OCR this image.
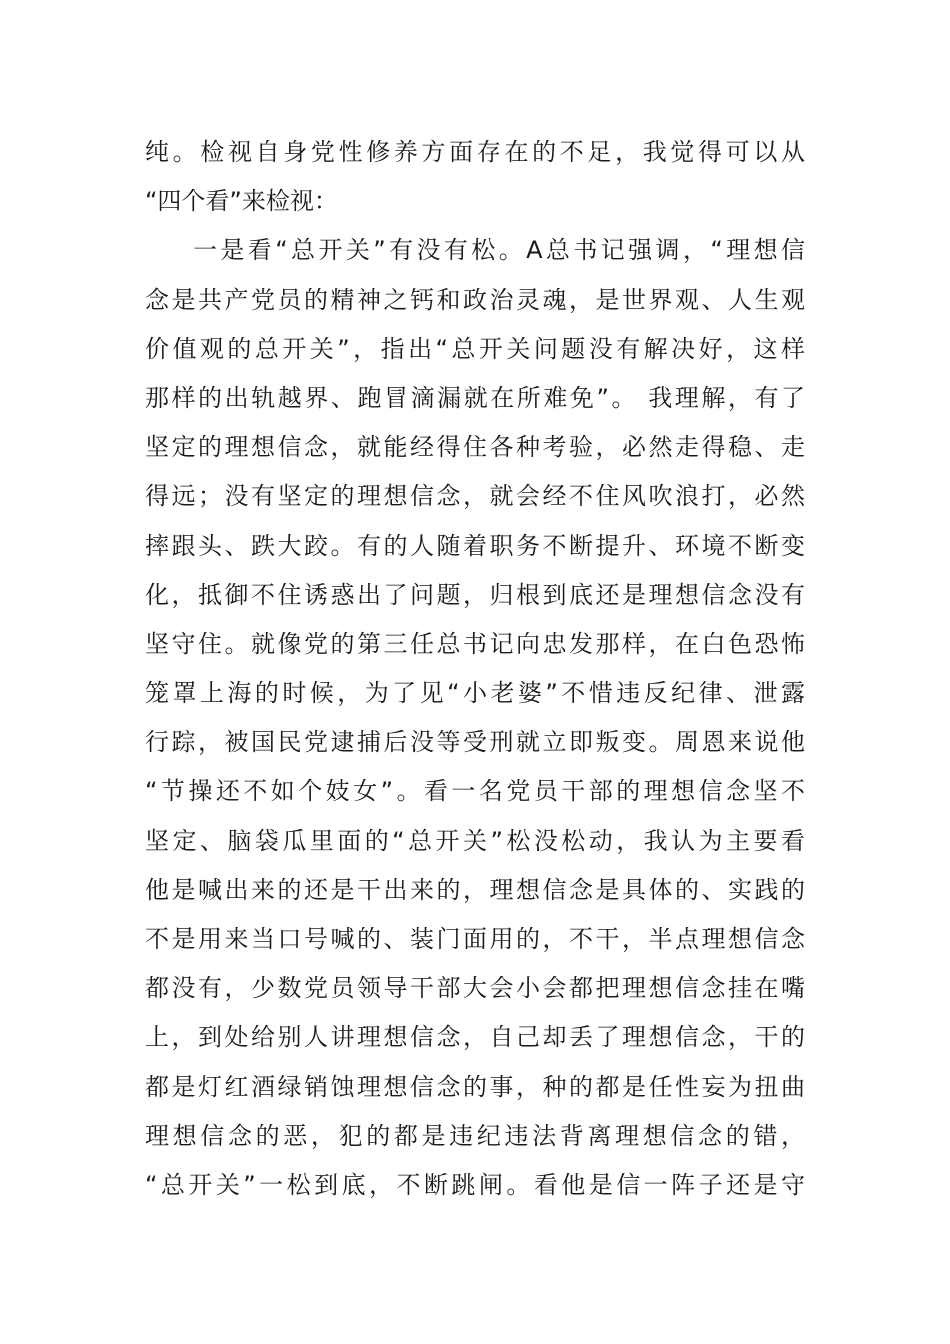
纯。检视自身党性修养方面存在的不足，我觉得可以从
“四个看”来检视：
一是看“总开关”有没有松。A总书记强调，“理想信
念是共产党员的精神之钙和政治灵魂，是世界观、人生观
价值观的总开关”，指出“总开关问题没有解决好，这样
那样的出轨越界、跑冒滴漏就在所难免”。 我理解，有了
坚定的理想信念，就能经得住各种考验，必然走得稳、走
得远；没有坚定的理想信念，就会经不住风吹浪打，必然
摔跟头、跌大跤。有的人随着职务不断提升、环境不断变
化，抵御不住诱惑出了问题，归根到底还是理想信念没有
坚守住。就像党的第三任总书记向忠发那样，在白色恐怖
笼罩上海的时候，为了见“小老婆”不惜违反纪律、泄露
行踪，被国民党逮捕后没等受刑就立即叛变。周恩来说他
“节操还不如个妓女”。看一名党员干部的理想信念坚不
坚定、脑袋瓜里面的“总开关”松没松动，我认为主要看
他是喊出来的还是干出来的，理想信念是具体的、实践的
不是用来当口号喊的、装门面用的，不干，半点理想信念
都没有，少数党员领导干部大会小会都把理想信念挂在嘴
上，到处给别人讲理想信念，自己却丢了理想信念，干的
都是灯红酒绿销蚀理想信念的事，种的都是任性妄为扭曲
理想信念的恶，犯的都是违纪违法背离理想信念的错，
“总开关”一松到底，不断跳闸。看他是信一阵子还是守
